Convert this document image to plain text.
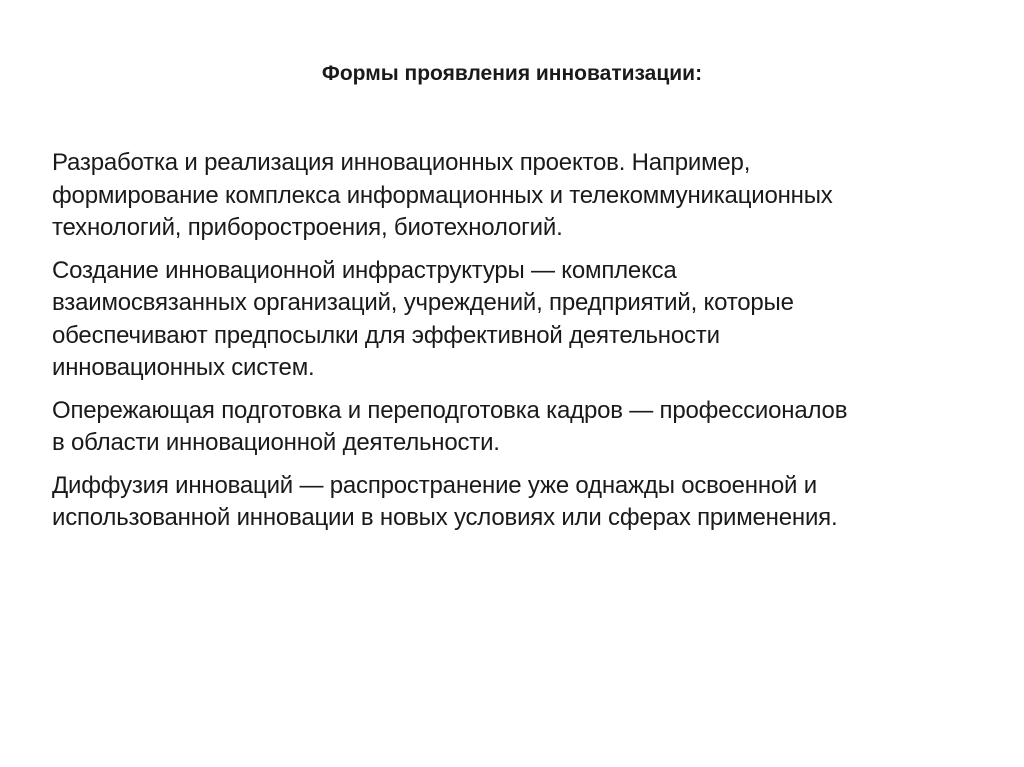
Формы проявления инноватизации:

Разработка и реализация инновационных проектов. Например,
формирование комплекса информационных и телекоммуникационных
технологий, приборостроения, биотехнологий.

Создание инновационной инфраструктуры — комплекса
взаимосвязанных организаций, учреждений, предприятий, которые
обеспечивают предпосылки для эффективной деятельности
инновационных систем.

Опережающая подготовка и переподготовка кадров — профессионалов
в области инновационной деятельности.

Диффузия инноваций — распространение уже однажды освоенной и
использованной инновации в новых условиях или сферах применения.
